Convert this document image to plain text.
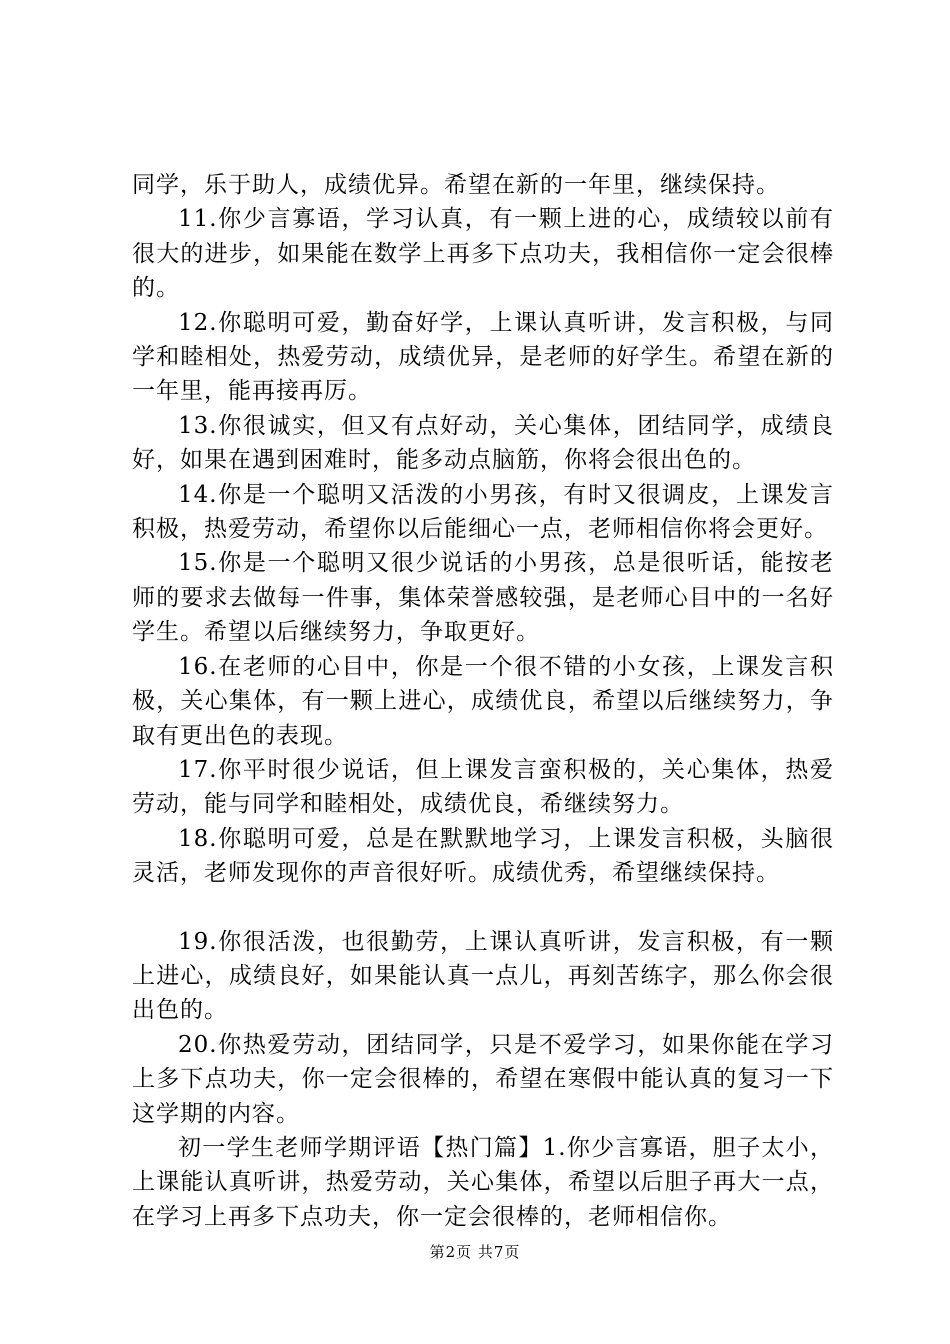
同学，乐于助人，成绩优异。希望在新的一年里，继续保持。

11.你少言寡语，学习认真，有一颗上进的心，成绩较以前有很大的进步，如果能在数学上再多下点功夫，我相信你一定会很棒的。

12.你聪明可爱，勤奋好学，上课认真听讲，发言积极，与同学和睦相处，热爱劳动，成绩优异，是老师的好学生。希望在新的一年里，能再接再厉。

13.你很诚实，但又有点好动，关心集体，团结同学，成绩良好，如果在遇到困难时，能多动点脑筋，你将会很出色的。

14.你是一个聪明又活泼的小男孩，有时又很调皮，上课发言积极，热爱劳动，希望你以后能细心一点，老师相信你将会更好。

15.你是一个聪明又很少说话的小男孩，总是很听话，能按老师的要求去做每一件事，集体荣誉感较强，是老师心目中的一名好学生。希望以后继续努力，争取更好。

16.在老师的心目中，你是一个很不错的小女孩，上课发言积极，关心集体，有一颗上进心，成绩优良，希望以后继续努力，争取有更出色的表现。

17.你平时很少说话，但上课发言蛮积极的，关心集体，热爱劳动，能与同学和睦相处，成绩优良，希继续努力。

18.你聪明可爱，总是在默默地学习，上课发言积极，头脑很灵活，老师发现你的声音很好听。成绩优秀，希望继续保持。

19.你很活泼，也很勤劳，上课认真听讲，发言积极，有一颗上进心，成绩良好，如果能认真一点儿，再刻苦练字，那么你会很出色的。

20.你热爱劳动，团结同学，只是不爱学习，如果你能在学习上多下点功夫，你一定会很棒的，希望在寒假中能认真的复习一下这学期的内容。

初一学生老师学期评语【热门篇】1.你少言寡语，胆子太小，上课能认真听讲，热爱劳动，关心集体，希望以后胆子再大一点，在学习上再多下点功夫，你一定会很棒的，老师相信你。

第2页 共7页
